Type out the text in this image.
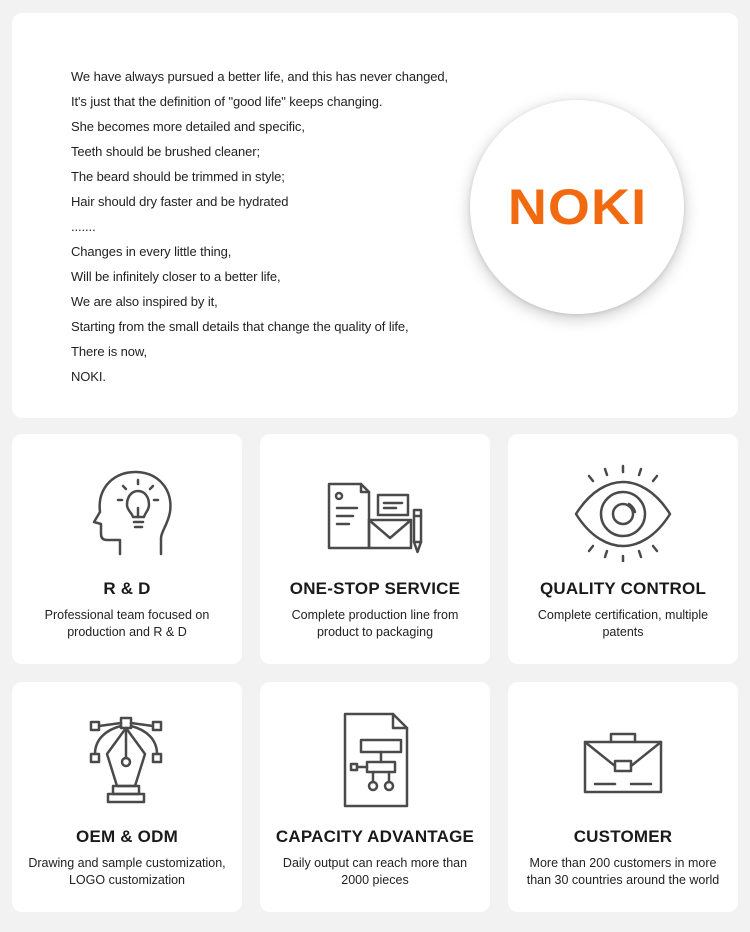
We have always pursued a better life, and this has never changed,

It's just that the definition of "good life" keeps changing.

She becomes more detailed and specific,

Teeth should be brushed cleaner;

The beard should be trimmed in style;

Hair should dry faster and be hydrated

.......

Changes in every little thing,

Will be infinitely closer to a better life,

We are also inspired by it,

Starting from the small details that change the quality of life,

There is now,

NOKI.

NOKI
R & D
Professional team focused on production and R & D
ONE-STOP SERVICE
Complete production line from product to packaging
QUALITY CONTROL
Complete certification, multiple patents
OEM & ODM
Drawing and sample customization, LOGO customization
CAPACITY ADVANTAGE
Daily output can reach more than 2000 pieces
CUSTOMER
More than 200 customers in more than 30 countries around the world
